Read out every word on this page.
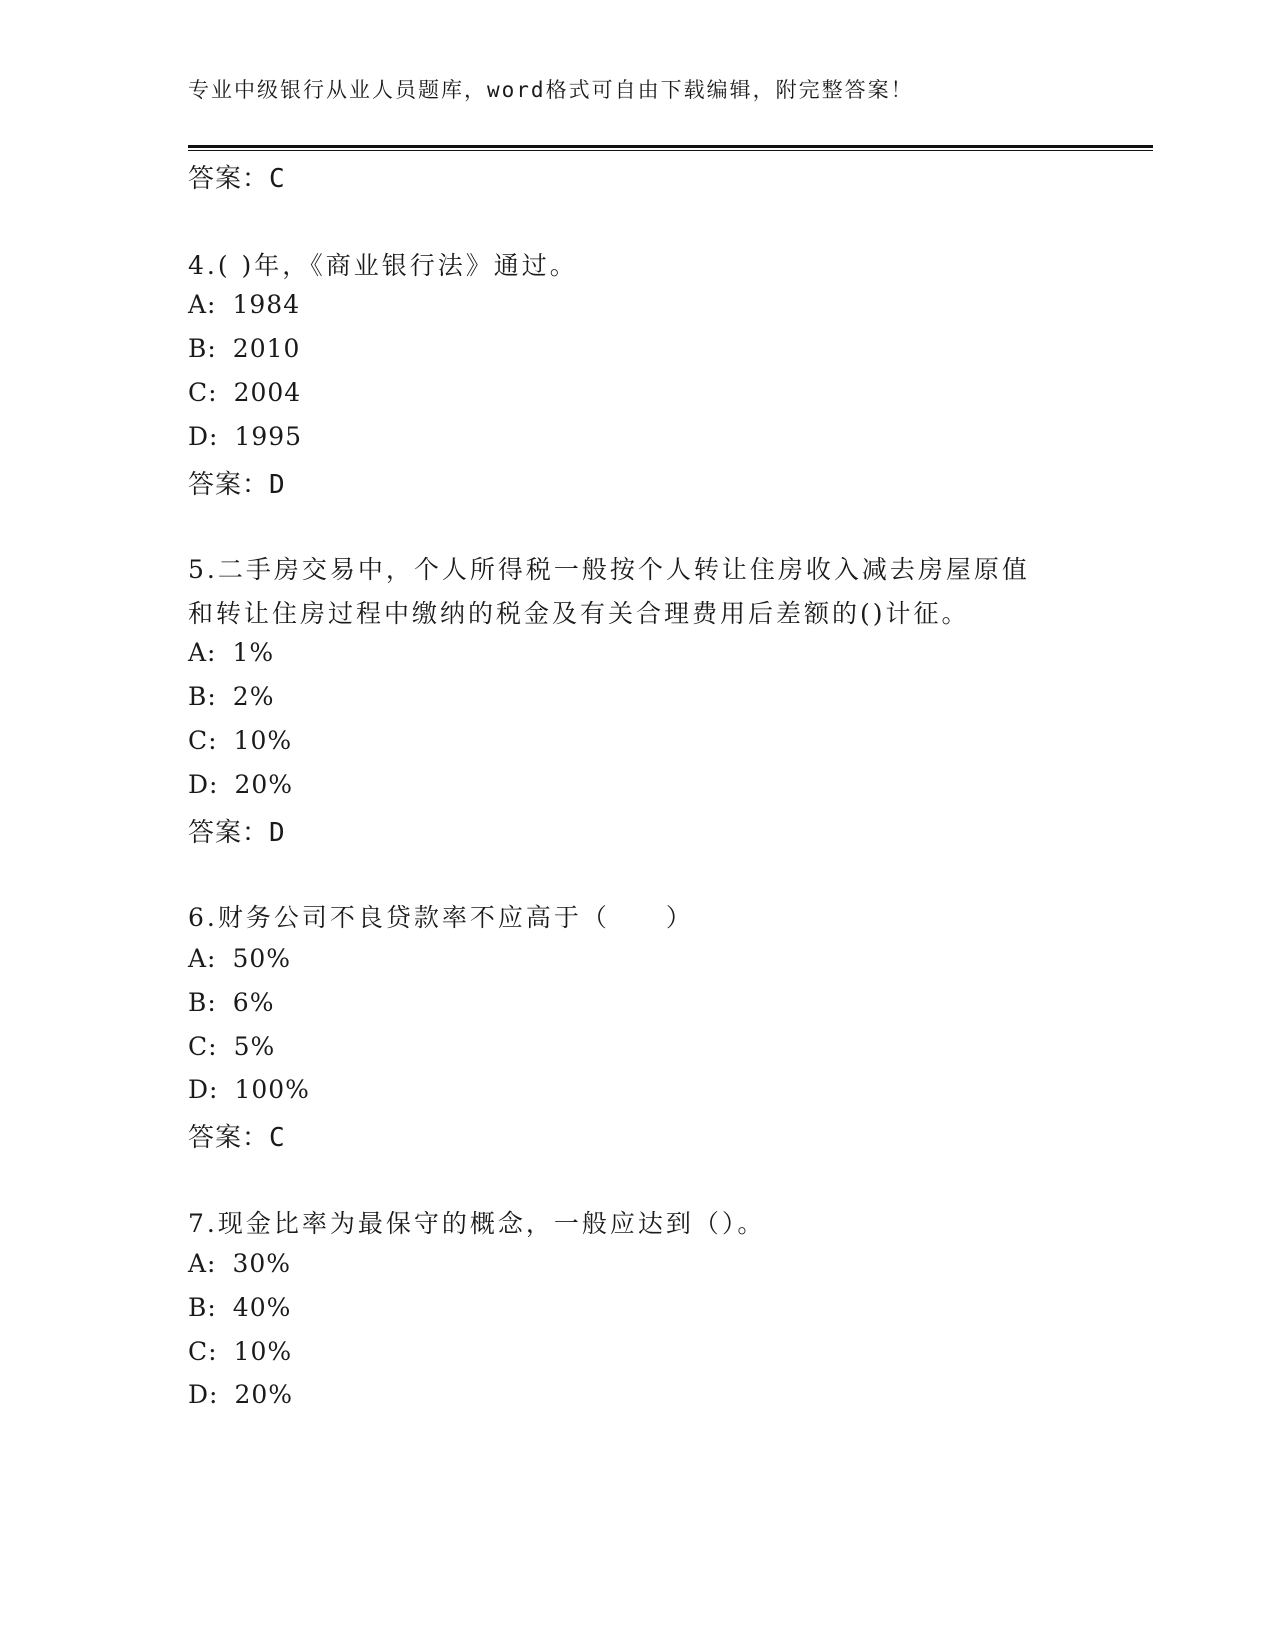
专业中级银行从业人员题库，word格式可自由下载编辑，附完整答案！
答案：C
4.( )年，《商业银行法》通过。
A: 1984
B: 2010
C: 2004
D: 1995
答案：D
5.二手房交易中，个人所得税一般按个人转让住房收入减去房屋原值
和转让住房过程中缴纳的税金及有关合理费用后差额的()计征。
A: 1%
B: 2%
C: 10%
D: 20%
答案：D
6.财务公司不良贷款率不应高于（　　）
A: 50%
B: 6%
C: 5%
D: 100%
答案：C
7.现金比率为最保守的概念，一般应达到（）。
A: 30%
B: 40%
C: 10%
D: 20%
